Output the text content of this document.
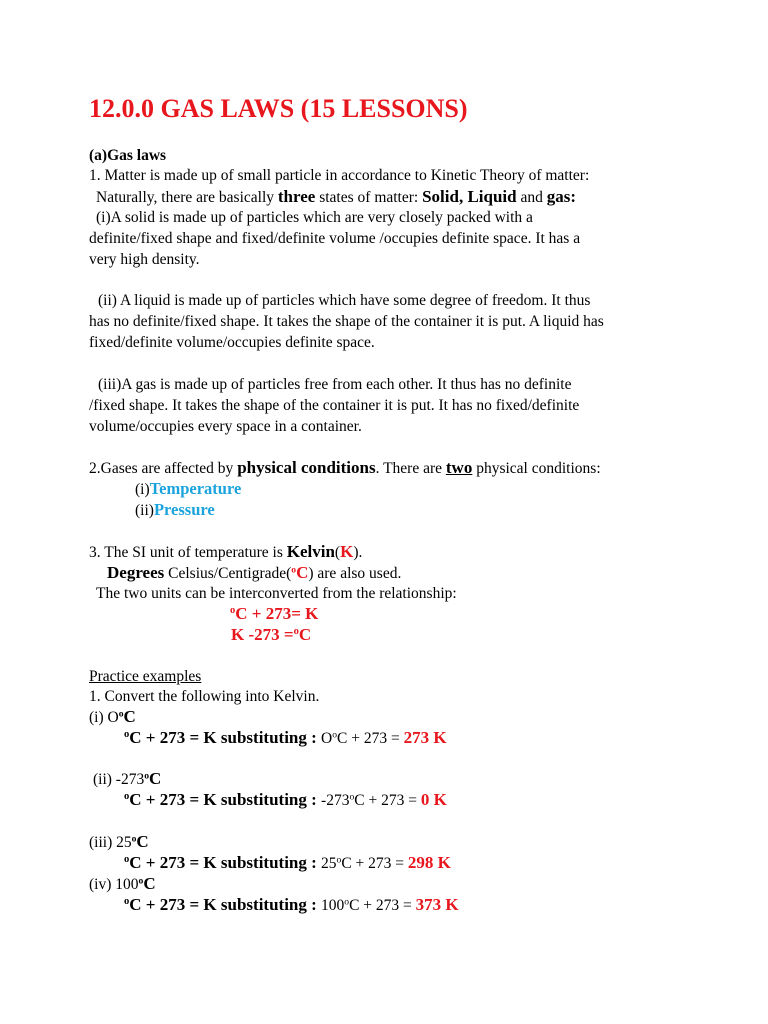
12.0.0 GAS LAWS (15 LESSONS)
(a)Gas laws
1. Matter is made up of small particle in accordance to Kinetic Theory of matter:
Naturally, there are basically three states of matter: Solid, Liquid and gas:
(i)A solid is made up of particles which are very closely packed with a
definite/fixed shape and fixed/definite volume /occupies definite space. It has a
very high density.
(ii) A liquid is made up of particles which have some degree of freedom. It thus
has no definite/fixed shape. It takes the shape of the container it is put. A liquid has
fixed/definite volume/occupies definite space.
(iii)A gas is made up of particles free from each other. It thus has no definite
/fixed shape. It takes the shape of the container it is put. It has no fixed/definite
volume/occupies every space in a container.
2.Gases are affected by physical conditions. There are two physical conditions:
(i)Temperature
(ii)Pressure
3. The SI unit of temperature is Kelvin(K).
Degrees Celsius/Centigrade($^o$C) are also used.
The two units can be interconverted from the relationship:
$^o$C + 273= K
K -273 =$^o$C
Practice examples
1. Convert the following into Kelvin.
(i) $O^oC$
$^o$C + 273 = K substituting : $O^oC + 273 = 273$ K
(ii) -273$^o$C
$^o$C + 273 = K substituting : $-273^oC + 273 = 0$ K
(iii) 25$^o$C
$^o$C + 273 = K substituting : $25^oC + 273 = 298$ K
(iv) 100$^o$C
$^o$C + 273 = K substituting : $100^oC + 273 = 373$ K
